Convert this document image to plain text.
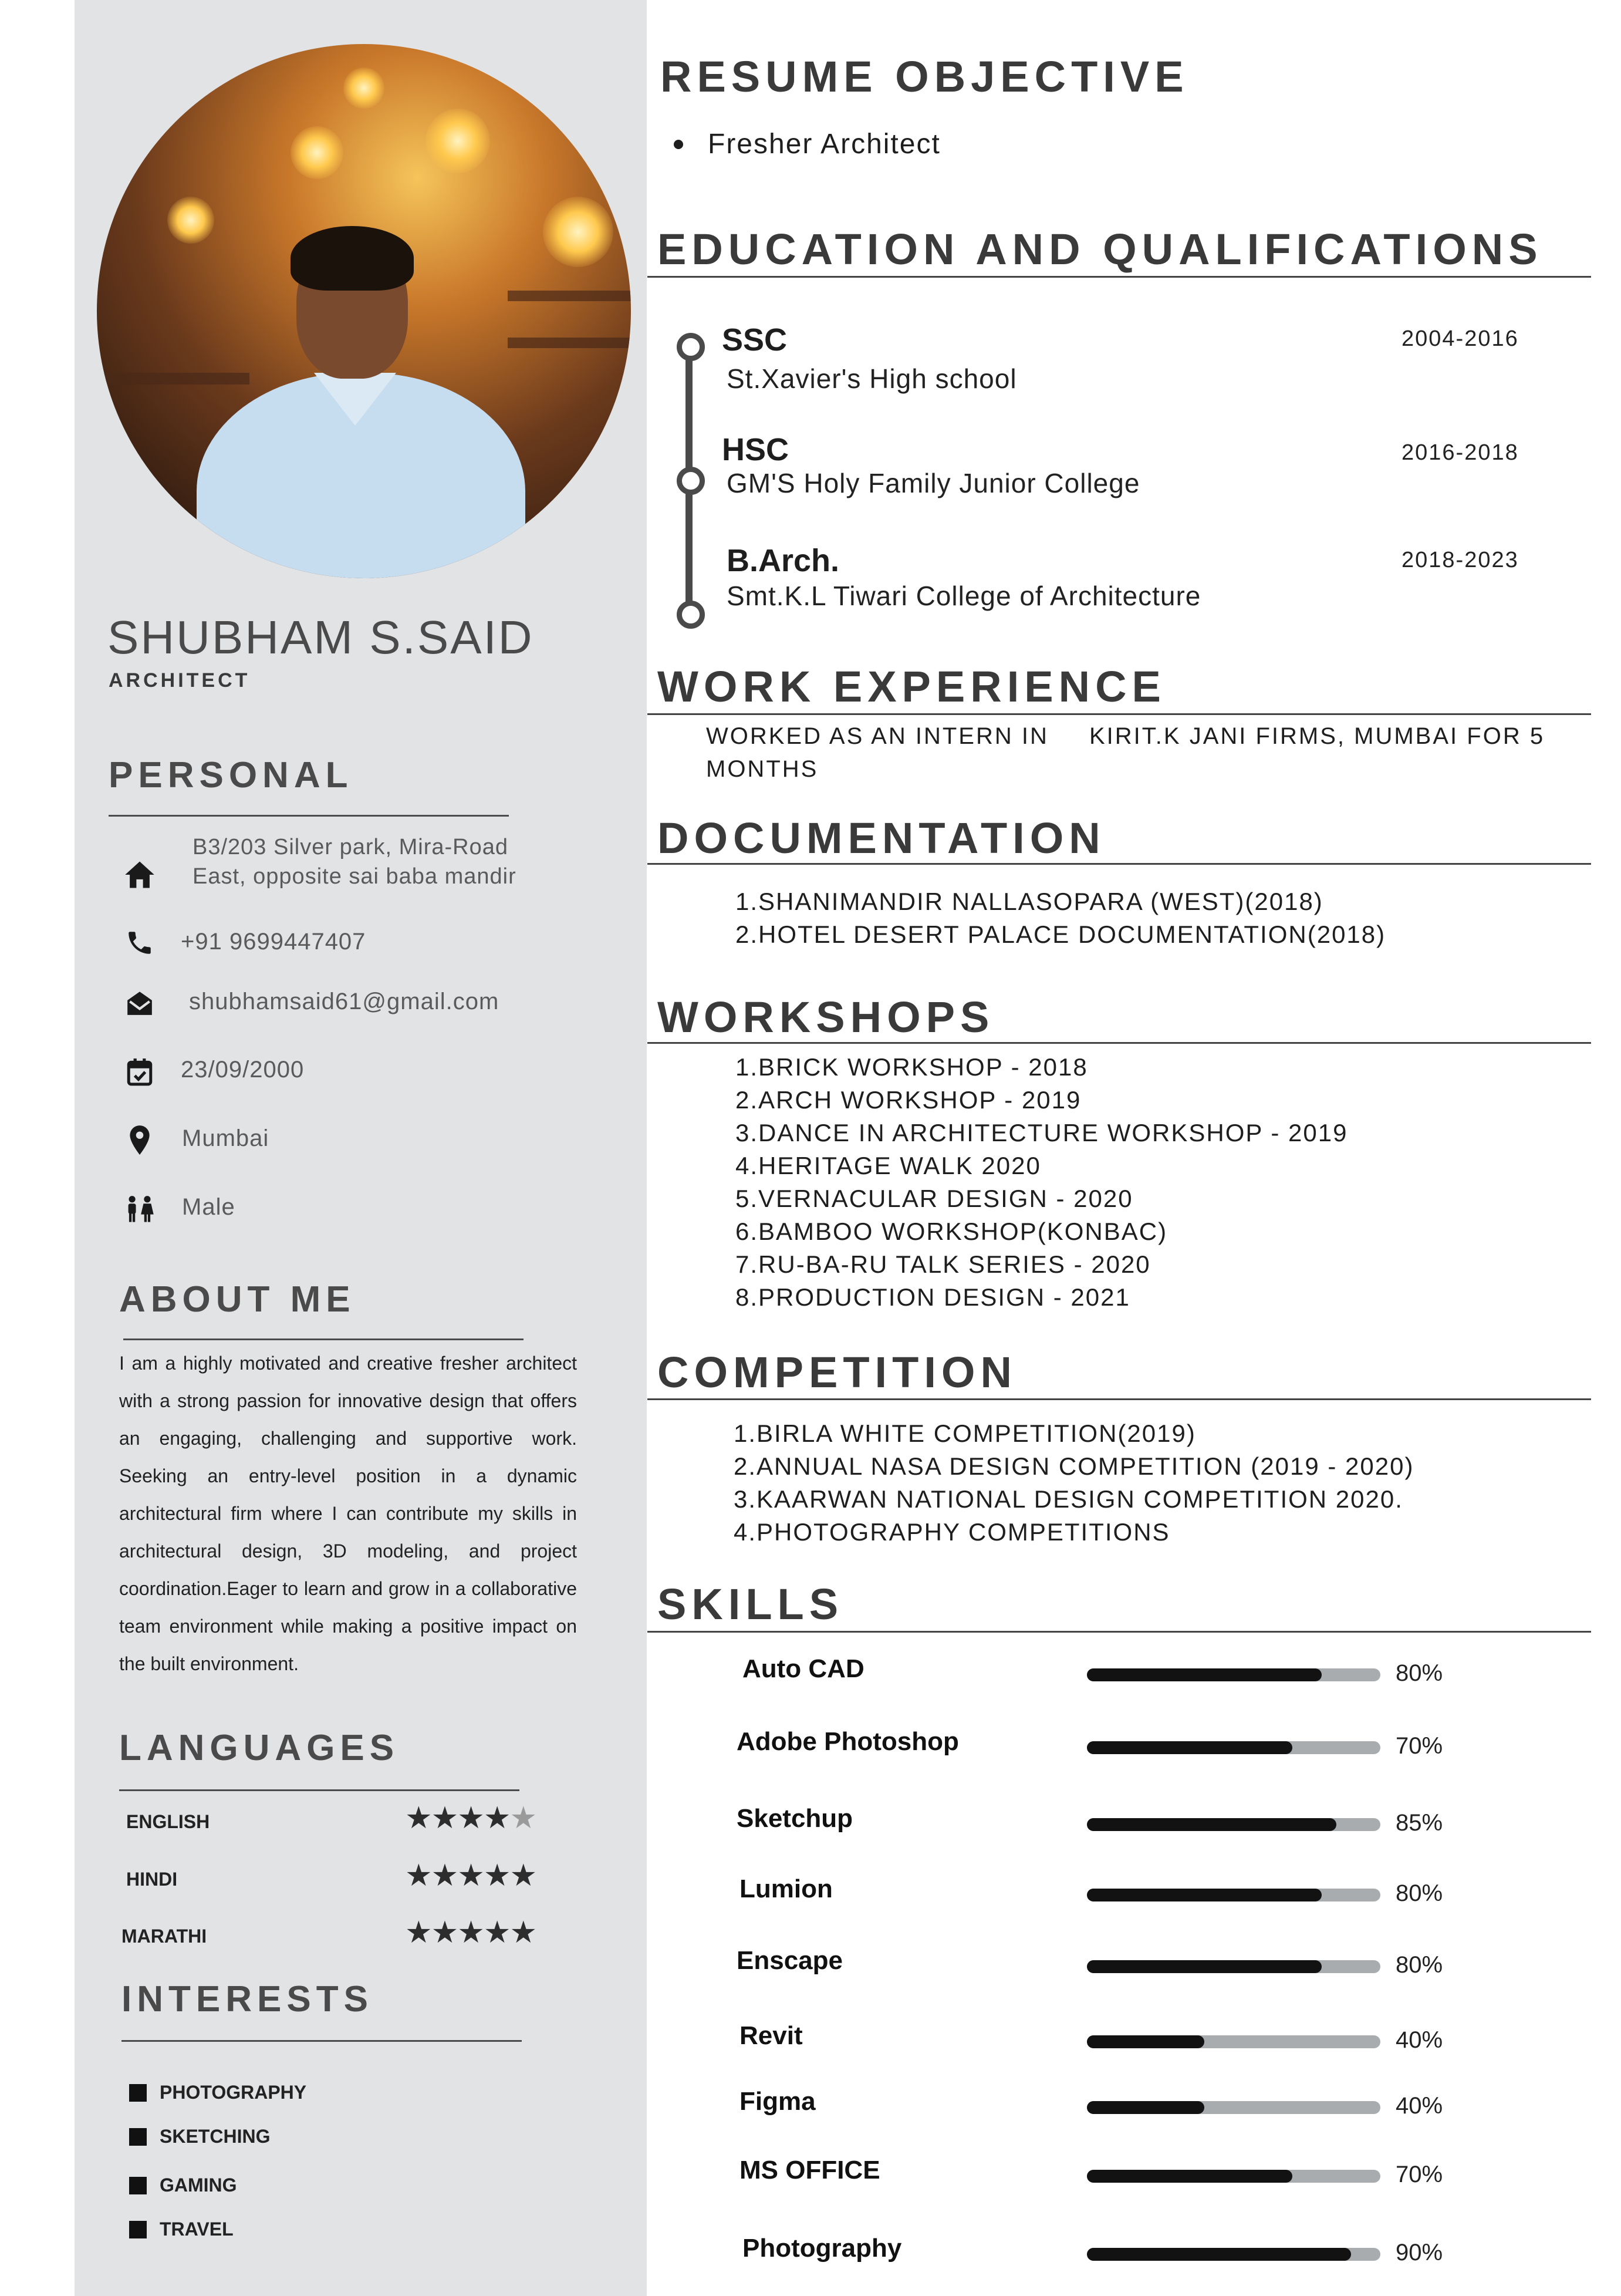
SHUBHAM S.SAID
ARCHITECT
PERSONAL
B3/203 Silver park, Mira-Road
East, opposite sai baba mandir
+91 9699447407
shubhamsaid61@gmail.com
23/09/2000
Mumbai
Male
ABOUT ME
I am a highly motivated and creative fresher architect with a strong passion for innovative design that offers an engaging, challenging and supportive work. Seeking an entry-level position in a dynamic architectural firm where I can contribute my skills in architectural design, 3D modeling, and project coordination.Eager to learn and grow in a collaborative team environment while making a positive impact on the built environment.
LANGUAGES
ENGLISH	★★★★★
HINDI	★★★★★
MARATHI	★★★★★
INTERESTS
PHOTOGRAPHY
SKETCHING
GAMING
TRAVEL
RESUME OBJECTIVE
Fresher Architect
EDUCATION AND QUALIFICATIONS
SSC
St.Xavier's High school
2004-2016
HSC
GM'S Holy Family Junior College
2016-2018
B.Arch.
Smt.K.L Tiwari College of Architecture
2018-2023
WORK EXPERIENCE
WORKED AS AN INTERN IN KIRIT.K JANI FIRMS, MUMBAI FOR 5
MONTHS
DOCUMENTATION
1.SHANIMANDIR NALLASOPARA (WEST)(2018)
2.HOTEL DESERT PALACE DOCUMENTATION(2018)
WORKSHOPS
1.BRICK WORKSHOP - 2018
2.ARCH WORKSHOP - 2019
3.DANCE IN ARCHITECTURE WORKSHOP - 2019
4.HERITAGE WALK 2020
5.VERNACULAR DESIGN - 2020
6.BAMBOO WORKSHOP(KONBAC)
7.RU-BA-RU TALK SERIES - 2020
8.PRODUCTION DESIGN - 2021
COMPETITION
1.BIRLA WHITE COMPETITION(2019)
2.ANNUAL NASA DESIGN COMPETITION (2019 - 2020)
3.KAARWAN NATIONAL DESIGN COMPETITION 2020.
4.PHOTOGRAPHY COMPETITIONS
SKILLS
Auto CAD	80%
Adobe Photoshop	70%
Sketchup	85%
Lumion	80%
Enscape	80%
Revit	40%
Figma	40%
MS OFFICE	70%
Photography	90%
